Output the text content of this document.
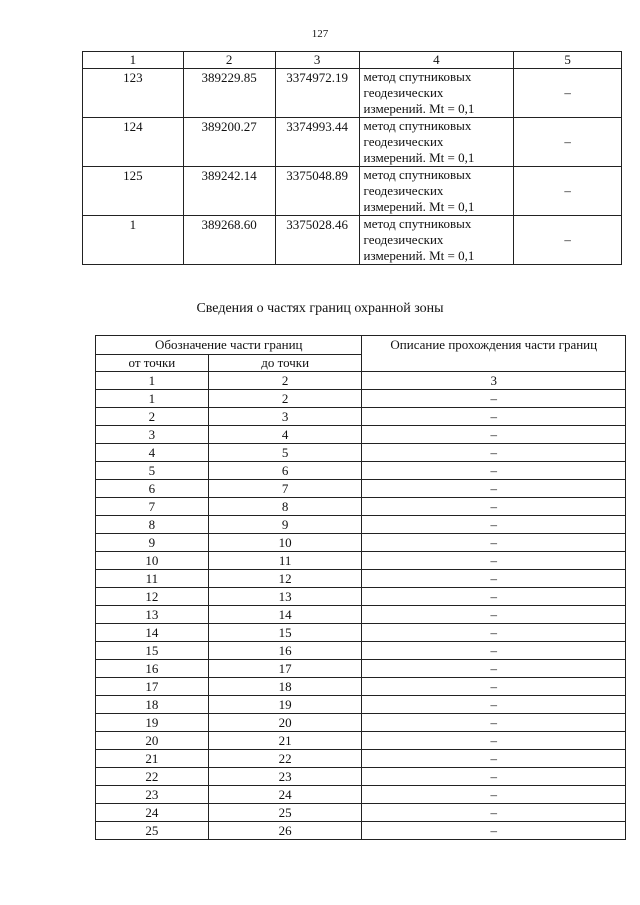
127
1	2	3	4	5
123	389229.85	3374972.19	метод спутниковых
геодезических
измерений. Mt = 0,1	–
124	389200.27	3374993.44	метод спутниковых
геодезических
измерений. Mt = 0,1	–
125	389242.14	3375048.89	метод спутниковых
геодезических
измерений. Mt = 0,1	–
1	389268.60	3375028.46	метод спутниковых
геодезических
измерений. Mt = 0,1	–
Сведения о частях границ охранной зоны
Обозначение части границ		Описание прохождения части границ
от точки	до точки	
1	2	3
1	2	–
2	3	–
3	4	–
4	5	–
5	6	–
6	7	–
7	8	–
8	9	–
9	10	–
10	11	–
11	12	–
12	13	–
13	14	–
14	15	–
15	16	–
16	17	–
17	18	–
18	19	–
19	20	–
20	21	–
21	22	–
22	23	–
23	24	–
24	25	–
25	26	–
